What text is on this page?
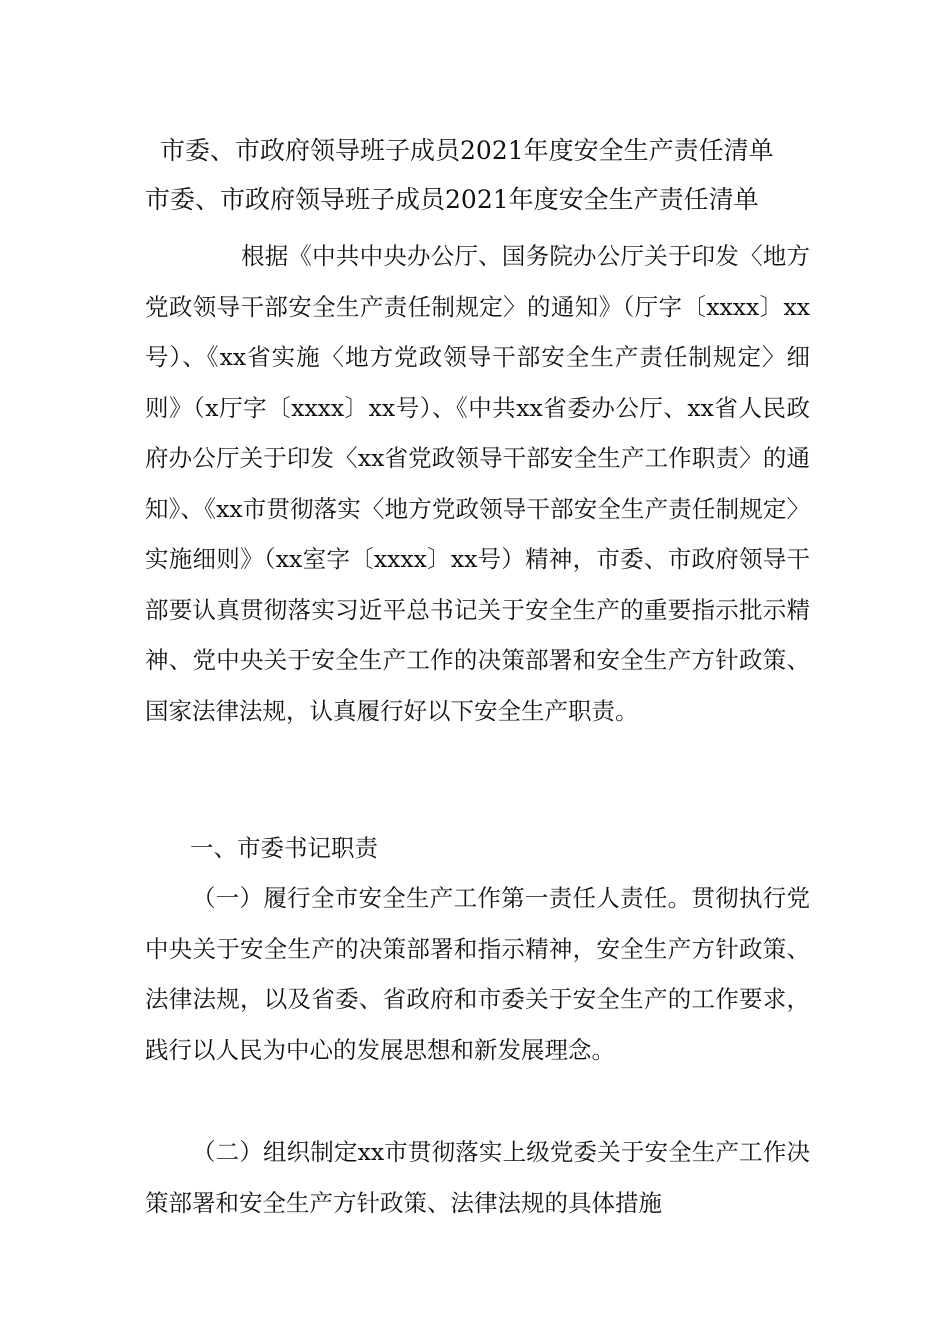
市委、市政府领导班子成员2021年度安全生产责任清单
市委、市政府领导班子成员2021年度安全生产责任清单
根据《中共中央办公厅、国务院办公厅关于印发〈地方党政领导干部安全生产责任制规定〉的通知》（厅字〔xxxx〕xx号）、《xx省实施〈地方党政领导干部安全生产责任制规定〉细则》（x厅字〔xxxx〕xx号）、《中共xx省委办公厅、xx省人民政府办公厅关于印发〈xx省党政领导干部安全生产工作职责〉的通知》、《xx市贯彻落实〈地方党政领导干部安全生产责任制规定〉实施细则》（xx室字〔xxxx〕xx号）精神，市委、市政府领导干部要认真贯彻落实习近平总书记关于安全生产的重要指示批示精神、党中央关于安全生产工作的决策部署和安全生产方针政策、国家法律法规，认真履行好以下安全生产职责。
一、市委书记职责
（一）履行全市安全生产工作第一责任人责任。贯彻执行党中央关于安全生产的决策部署和指示精神，安全生产方针政策、法律法规，以及省委、省政府和市委关于安全生产的工作要求，践行以人民为中心的发展思想和新发展理念。
（二）组织制定xx市贯彻落实上级党委关于安全生产工作决策部署和安全生产方针政策、法律法规的具体措施
